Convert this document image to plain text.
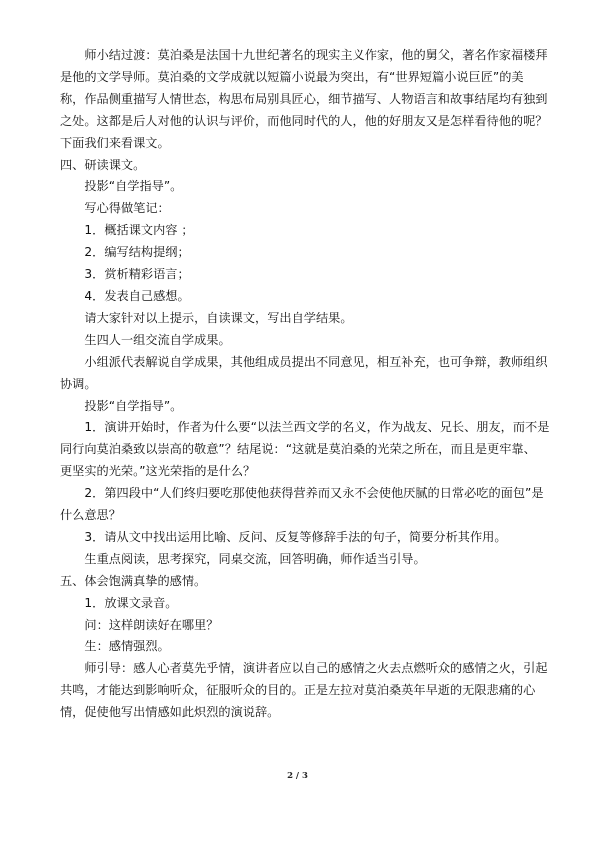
师小结过渡：莫泊桑是法国十九世纪著名的现实主义作家，他的舅父，著名作家福楼拜
是他的文学导师。莫泊桑的文学成就以短篇小说最为突出，有“世界短篇小说巨匠”的美
称，作品侧重描写人情世态，构思布局别具匠心，细节描写、人物语言和故事结尾均有独到
之处。这都是后人对他的认识与评价，而他同时代的人，他的好朋友又是怎样看待他的呢？
下面我们来看课文。

四、研读课文。

投影“自学指导”。

写心得做笔记：

1．概括课文内容 ；

2．编写结构提纲；

3．赏析精彩语言；

4．发表自己感想。

请大家针对以上提示，自读课文，写出自学结果。

生四人一组交流自学成果。

小组派代表解说自学成果，其他组成员提出不同意见，相互补充，也可争辩，教师组织
协调。

投影“自学指导”。

1．演讲开始时，作者为什么要“以法兰西文学的名义，作为战友、兄长、朋友，而不是
同行向莫泊桑致以崇高的敬意”？结尾说：“这就是莫泊桑的光荣之所在，而且是更牢靠、
更坚实的光荣。”这光荣指的是什么？

2．第四段中“人们终归要吃那使他获得营养而又永不会使他厌腻的日常必吃的面包”是
什么意思？

3．请从文中找出运用比喻、反问、反复等修辞手法的句子，简要分析其作用。

生重点阅读，思考探究，同桌交流，回答明确，师作适当引导。

五、体会饱满真挚的感情。

1．放课文录音。

问：这样朗读好在哪里？

生：感情强烈。

师引导：感人心者莫先乎情，演讲者应以自己的感情之火去点燃听众的感情之火，引起
共鸣，才能达到影响听众，征服听众的目的。正是左拉对莫泊桑英年早逝的无限悲痛的心
情，促使他写出情感如此炽烈的演说辞。

2 / 3
